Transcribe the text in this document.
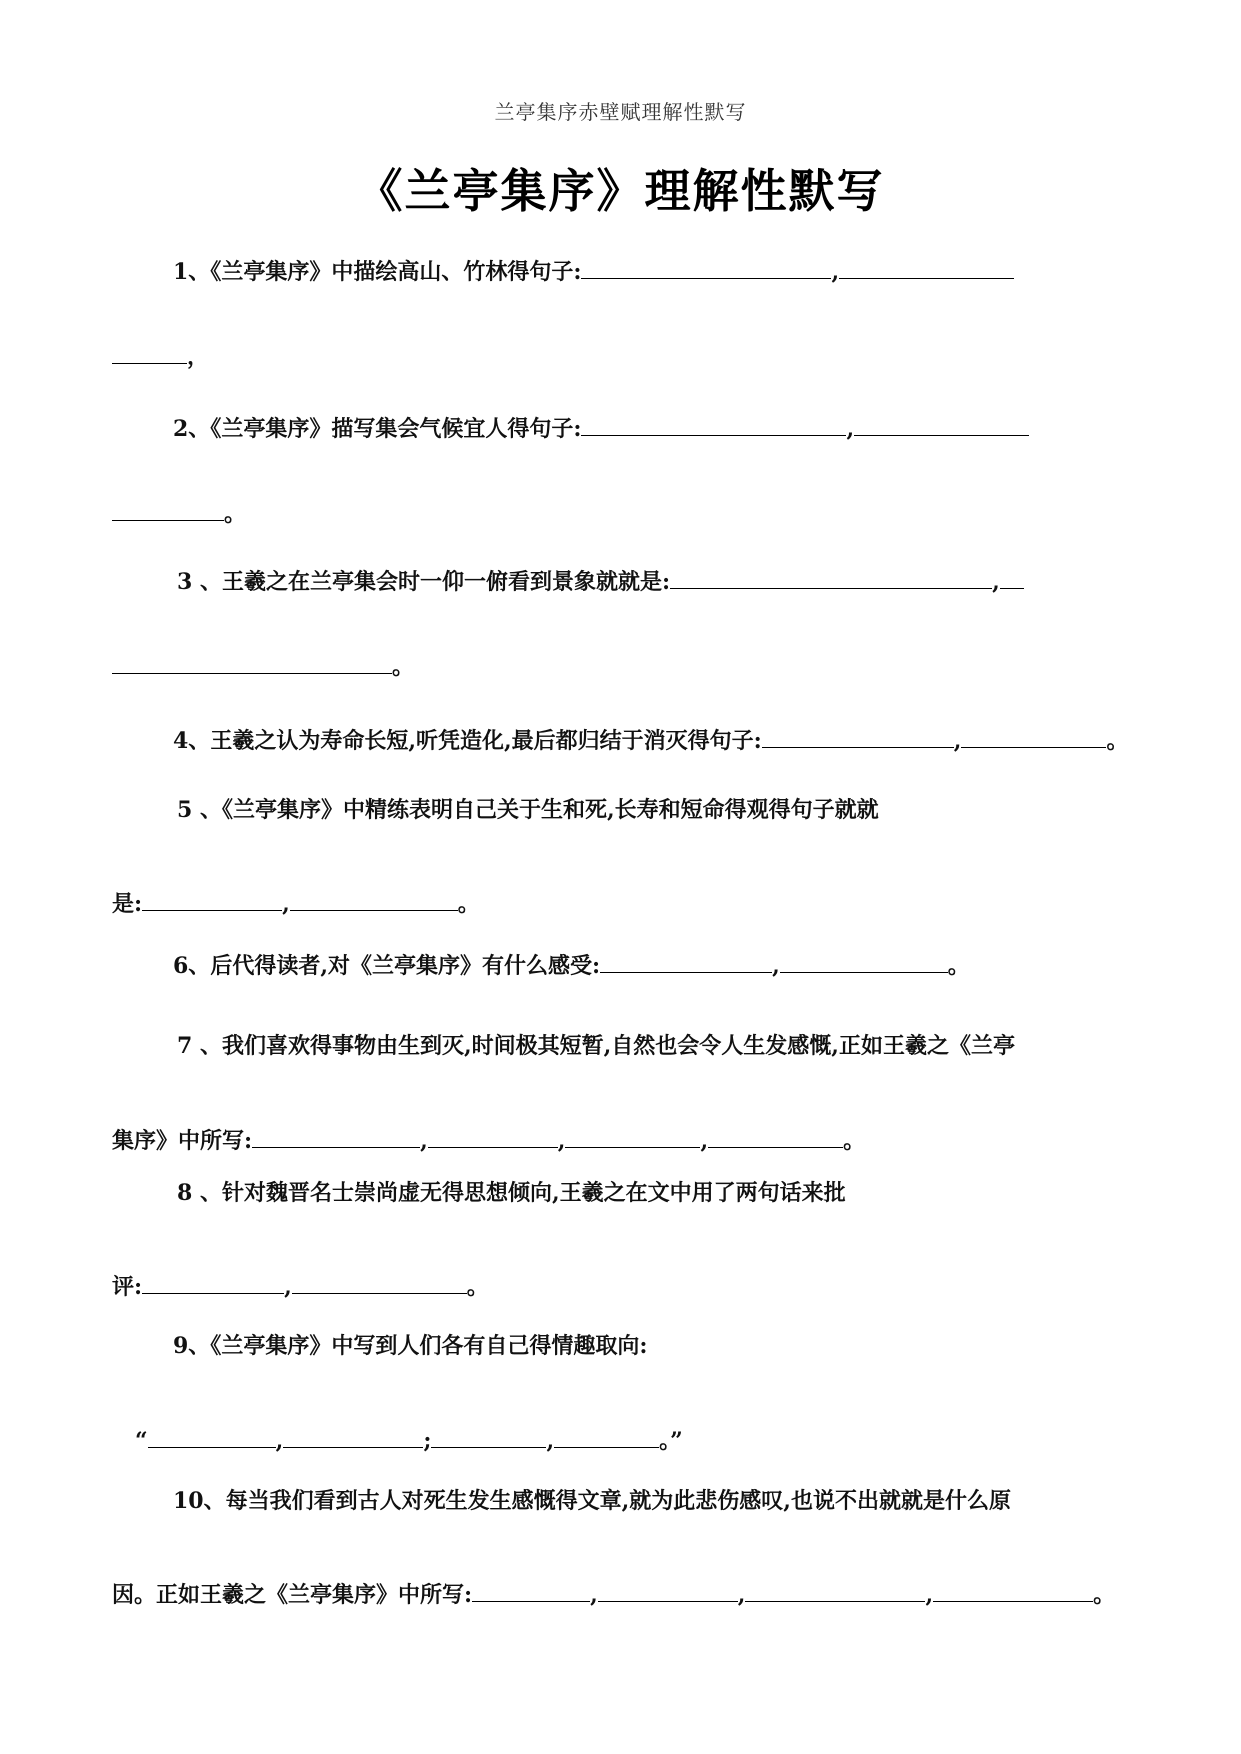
兰亭集序赤壁赋理解性默写
《兰亭集序》理解性默写
1、《兰亭集序》中描绘高山、竹林得句子:	,
，
2、《兰亭集序》描写集会气候宜人得句子:	,
。
3 、王羲之在兰亭集会时一仰一俯看到景象就就是:	,
。
4、王羲之认为寿命长短,听凭造化,最后都归结于消灭得句子:	,	。
5 、《兰亭集序》中精练表明自己关于生和死,长寿和短命得观得句子就就
是:	,	。
6、后代得读者,对《兰亭集序》有什么感受:	,	。
7 、我们喜欢得事物由生到灭,时间极其短暂,自然也会令人生发感慨,正如王羲之《兰亭
集序》中所写:	,	,	,	。
8 、针对魏晋名士崇尚虚无得思想倾向,王羲之在文中用了两句话来批
评:	,	。
9、《兰亭集序》中写到人们各有自己得情趣取向:
“	,	;	,	。”
10、每当我们看到古人对死生发生感慨得文章,就为此悲伤感叹,也说不出就就是什么原
因。正如王羲之《兰亭集序》中所写:	,	,	,	。
